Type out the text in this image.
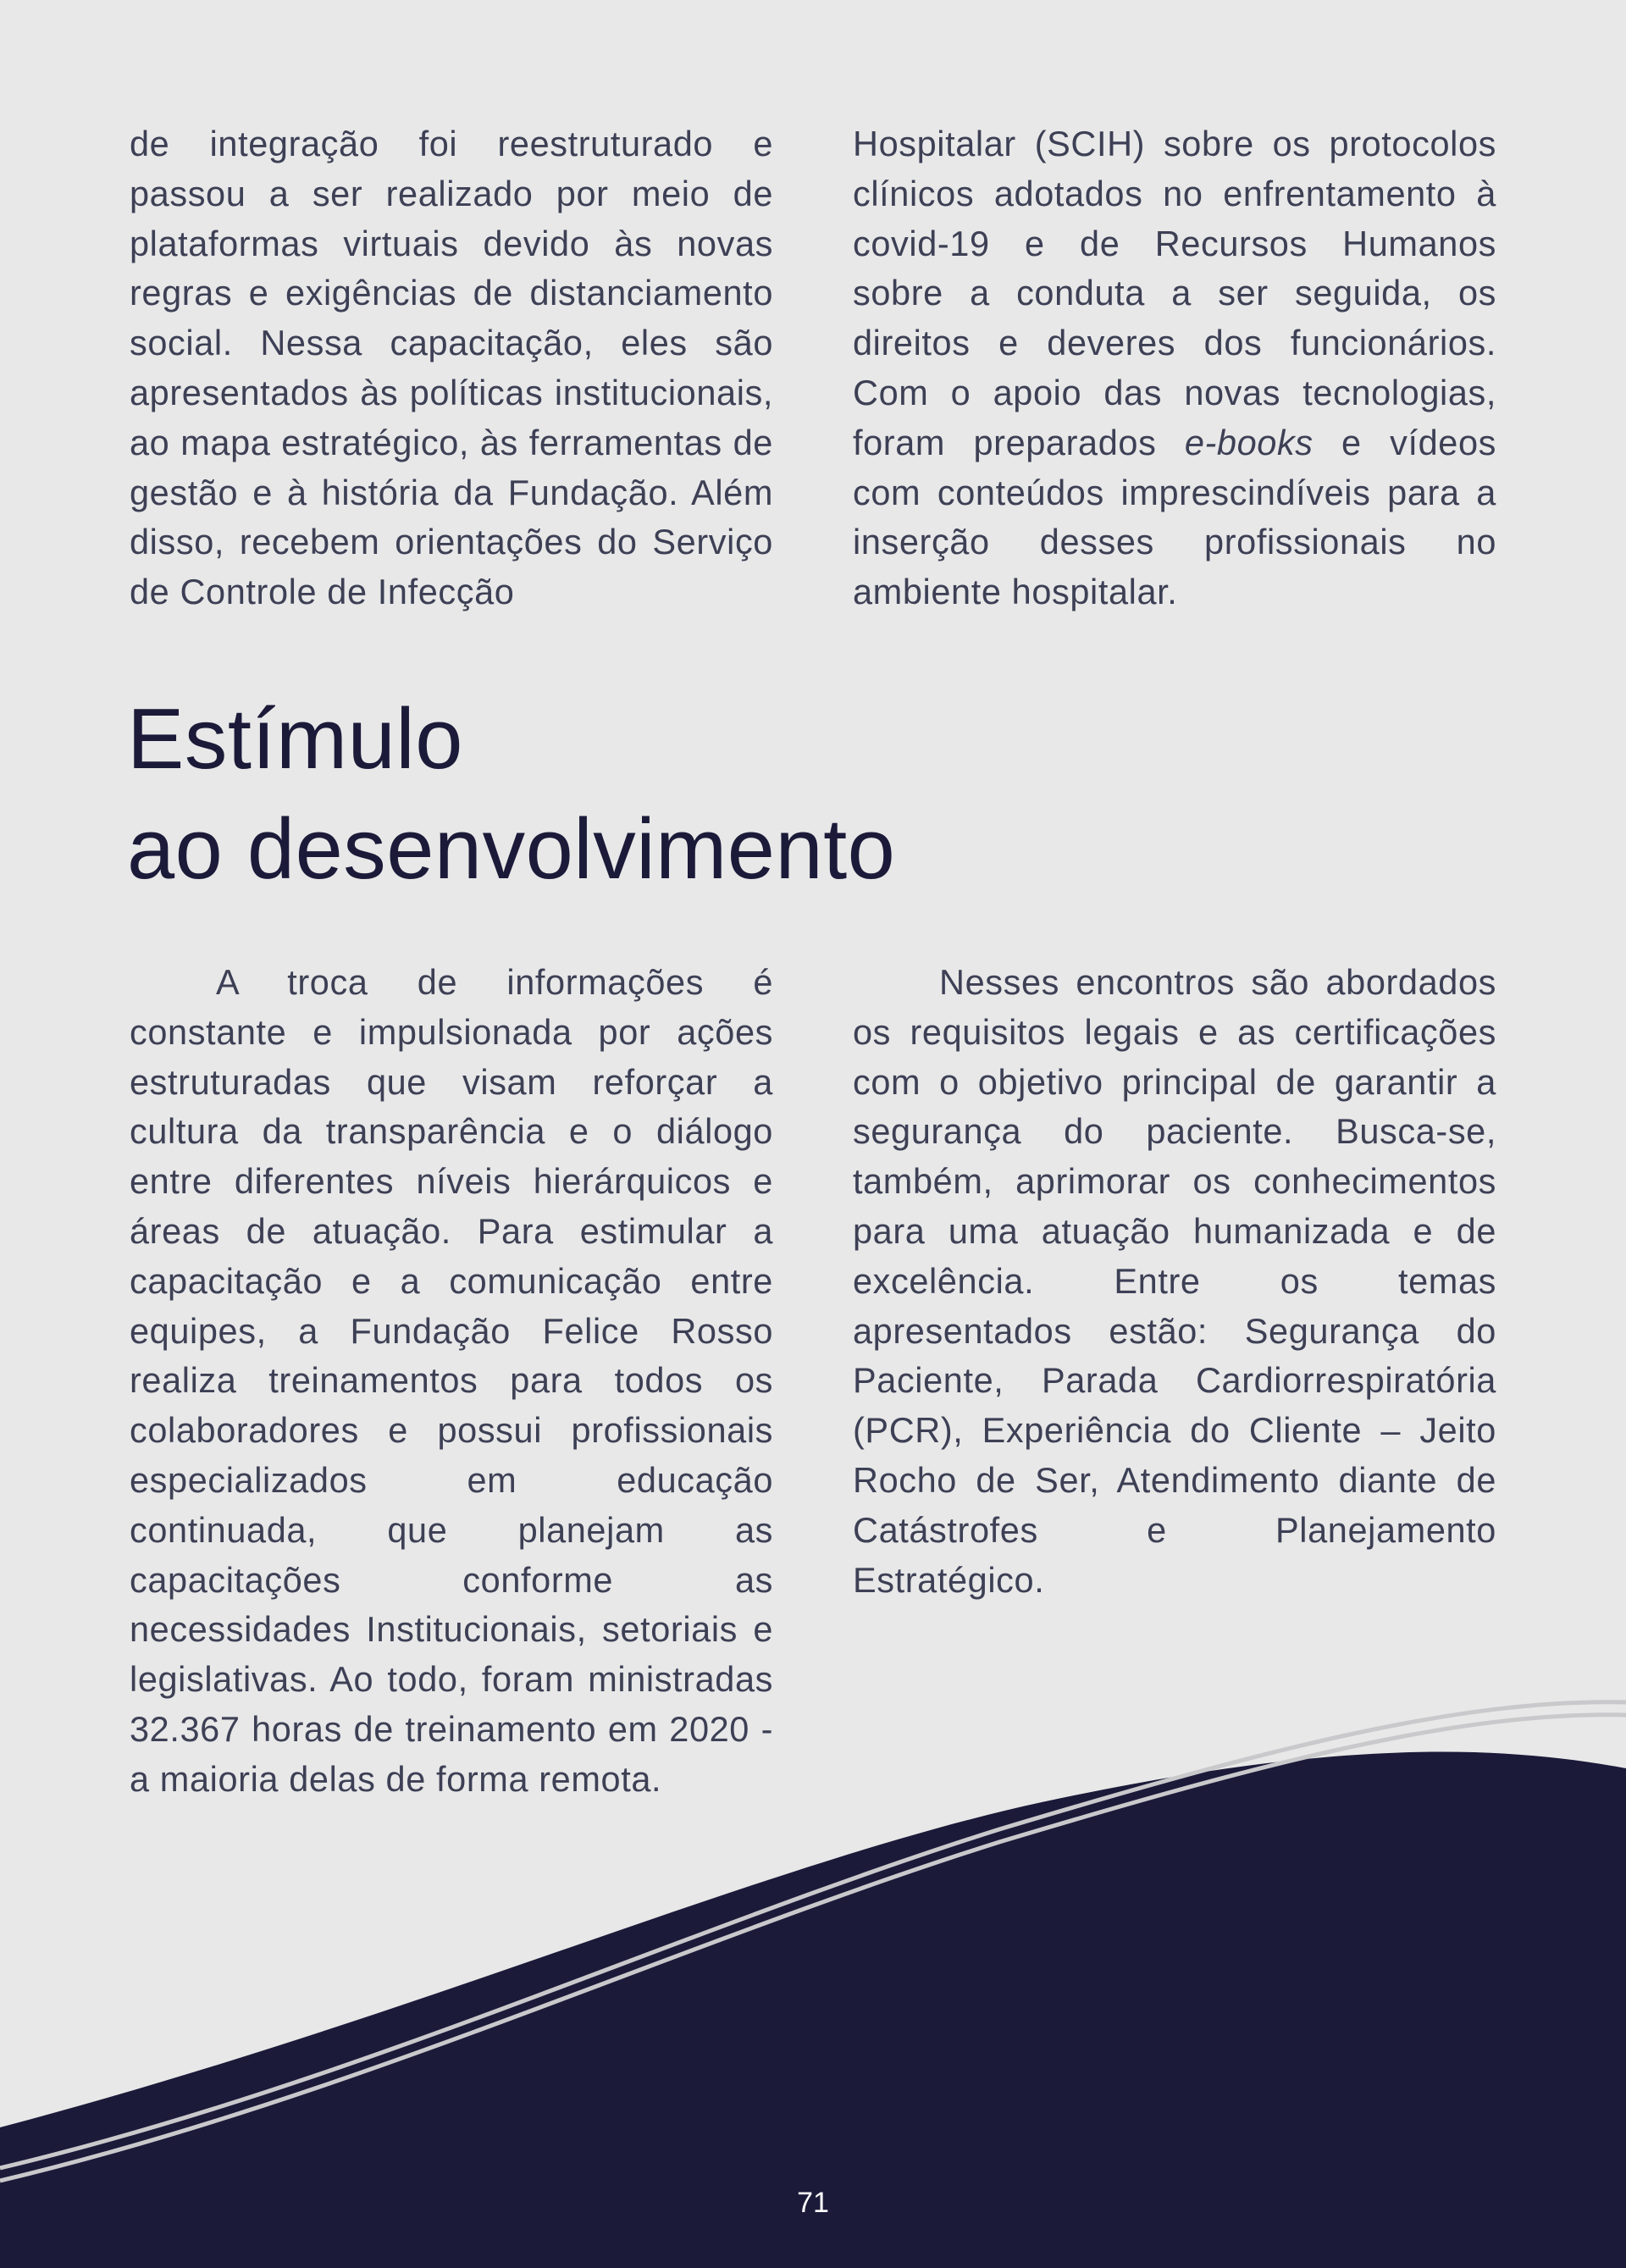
de integração foi reestruturado e passou a ser realizado por meio de plataformas virtuais devido às novas regras e exigências de distanciamento social. Nessa capacitação, eles são apresentados às políticas institucionais, ao mapa estratégico, às ferramentas de gestão e à história da Fundação. Além disso, recebem orientações do Serviço de Controle de Infecção

Hospitalar (SCIH) sobre os protocolos clínicos adotados no enfrentamento à covid-19 e de Recursos Humanos sobre a conduta a ser seguida, os direitos e deveres dos funcionários. Com o apoio das novas tecnologias, foram preparados e-books e vídeos com conteúdos imprescindíveis para a inserção desses profissionais no ambiente hospitalar.

Estímulo
ao desenvolvimento

A troca de informações é constante e impulsionada por ações estruturadas que visam reforçar a cultura da transparência e o diálogo entre diferentes níveis hierárquicos e áreas de atuação. Para estimular a capacitação e a comunicação entre equipes, a Fundação Felice Rosso realiza treinamentos para todos os colaboradores e possui profissionais especializados em educação continuada, que planejam as capacitações conforme as necessidades Institucionais, setoriais e legislativas. Ao todo, foram ministradas 32.367 horas de treinamento em 2020 - a maioria delas de forma remota.

Nesses encontros são abordados os requisitos legais e as certificações com o objetivo principal de garantir a segurança do paciente. Busca-se, também, aprimorar os conhecimentos para uma atuação humanizada e de excelência. Entre os temas apresentados estão: Segurança do Paciente, Parada Cardiorrespiratória (PCR), Experiência do Cliente – Jeito Rocho de Ser, Atendimento diante de Catástrofes e Planejamento Estratégico.

71
